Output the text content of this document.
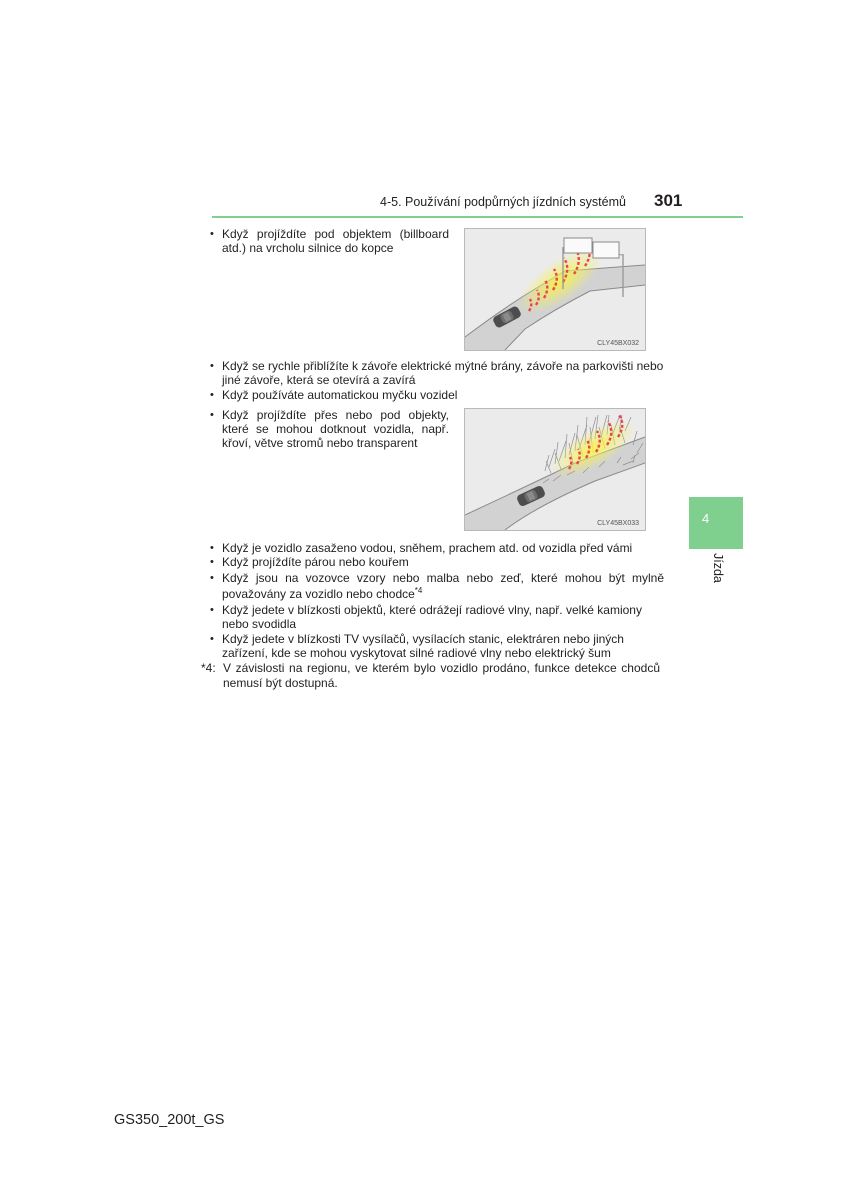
4-5. Používání podpůrných jízdních systémů 301
4
Jízda
• Když projíždíte pod objektem (billboard atd.) na vrcholu silnice do kopce
CLY45BX032
• Když se rychle přiblížíte k závoře elektrické mýtné brány, závoře na parkovišti nebo jiné závoře, která se otevírá a zavírá
• Když používáte automatickou myčku vozidel
• Když projíždíte přes nebo pod objekty, které se mohou dotknout vozidla, např. křoví, větve stromů nebo transparent
CLY45BX033
• Když je vozidlo zasaženo vodou, sněhem, prachem atd. od vozidla před vámi
• Když projíždíte párou nebo kouřem
• Když jsou na vozovce vzory nebo malba nebo zeď, které mohou být mylně považovány za vozidlo nebo chodce$^{*4}$
• Když jedete v blízkosti objektů, které odrážejí radiové vlny, např. velké kamiony nebo svodidla
• Když jedete v blízkosti TV vysílačů, vysílacích stanic, elektráren nebo jiných zařízení, kde se mohou vyskytovat silné radiové vlny nebo elektrický šum
*4: V závislosti na regionu, ve kterém bylo vozidlo prodáno, funkce detekce chodců nemusí být dostupná.
GS350_200t_GS
